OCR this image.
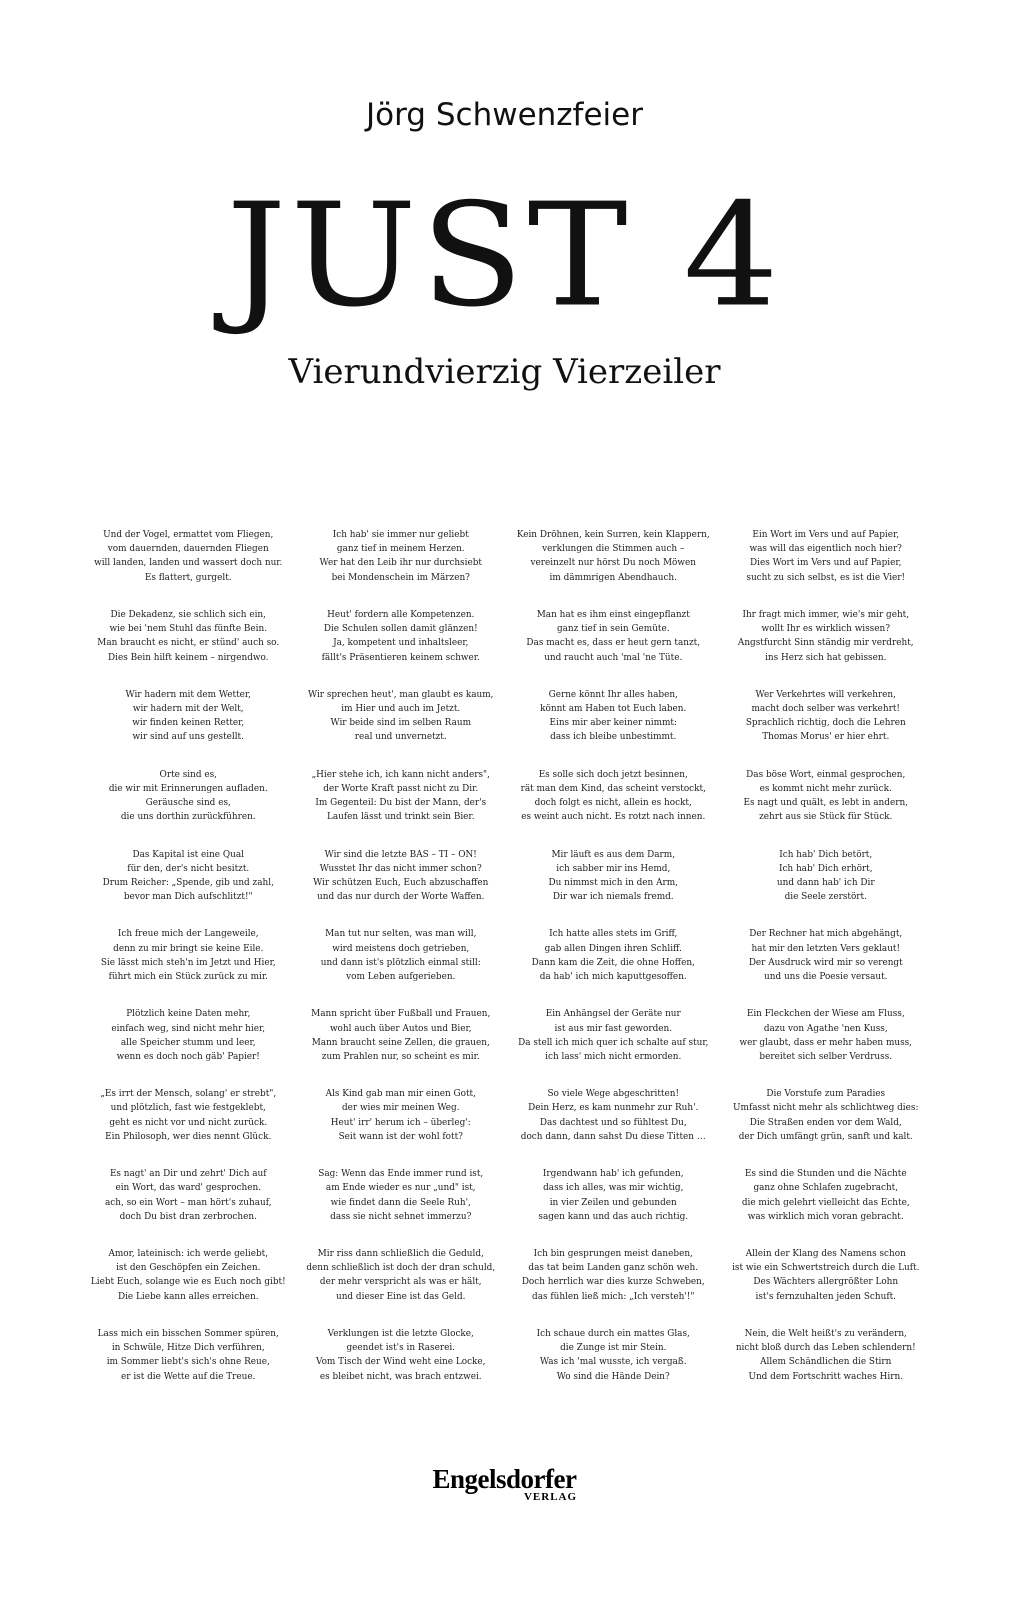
Jörg Schwenzfeier
JUST 4
Vierundvierzig Vierzeiler
Und der Vogel, ermattet vom Fliegen,
vom dauernden, dauernden Fliegen
will landen, landen und wassert doch nur.
Es flattert, gurgelt.
Ich hab' sie immer nur geliebt
ganz tief in meinem Herzen.
Wer hat den Leib ihr nur durchsiebt
bei Mondenschein im Märzen?
Kein Dröhnen, kein Surren, kein Klappern,
verklungen die Stimmen auch –
vereinzelt nur hörst Du noch Möwen
im dämmrigen Abendhauch.
Ein Wort im Vers und auf Papier,
was will das eigentlich noch hier?
Dies Wort im Vers und auf Papier,
sucht zu sich selbst, es ist die Vier!
Die Dekadenz, sie schlich sich ein,
wie bei 'nem Stuhl das fünfte Bein.
Man braucht es nicht, er stünd' auch so.
Dies Bein hilft keinem – nirgendwo.
Heut' fordern alle Kompetenzen.
Die Schulen sollen damit glänzen!
Ja, kompetent und inhaltsleer,
fällt's Präsentieren keinem schwer.
Man hat es ihm einst eingepflanzt
ganz tief in sein Gemüte.
Das macht es, dass er heut gern tanzt,
und raucht auch 'mal 'ne Tüte.
Ihr fragt mich immer, wie's mir geht,
wollt Ihr es wirklich wissen?
Angstfurcht Sinn ständig mir verdreht,
ins Herz sich hat gebissen.
Wir hadern mit dem Wetter,
wir hadern mit der Welt,
wir finden keinen Retter,
wir sind auf uns gestellt.
Wir sprechen heut', man glaubt es kaum,
im Hier und auch im Jetzt.
Wir beide sind im selben Raum
real und unvernetzt.
Gerne könnt Ihr alles haben,
könnt am Haben tot Euch laben.
Eins mir aber keiner nimmt:
dass ich bleibe unbestimmt.
Wer Verkehrtes will verkehren,
macht doch selber was verkehrt!
Sprachlich richtig, doch die Lehren
Thomas Morus' er hier ehrt.
Orte sind es,
die wir mit Erinnerungen aufladen.
Geräusche sind es,
die uns dorthin zurückführen.
„Hier stehe ich, ich kann nicht anders",
der Worte Kraft passt nicht zu Dir.
Im Gegenteil: Du bist der Mann, der's
Laufen lässt und trinkt sein Bier.
Es solle sich doch jetzt besinnen,
rät man dem Kind, das scheint verstockt,
doch folgt es nicht, allein es hockt,
es weint auch nicht. Es rotzt nach innen.
Das böse Wort, einmal gesprochen,
es kommt nicht mehr zurück.
Es nagt und quält, es lebt in andern,
zehrt aus sie Stück für Stück.
Das Kapital ist eine Qual
für den, der's nicht besitzt.
Drum Reicher: „Spende, gib und zahl,
bevor man Dich aufschlitzt!"
Wir sind die letzte BAS – TI – ON!
Wusstet Ihr das nicht immer schon?
Wir schützen Euch, Euch abzuschaffen
und das nur durch der Worte Waffen.
Mir läuft es aus dem Darm,
ich sabber mir ins Hemd,
Du nimmst mich in den Arm,
Dir war ich niemals fremd.
Ich hab' Dich betört,
Ich hab' Dich erhört,
und dann hab' ich Dir
die Seele zerstört.
Ich freue mich der Langeweile,
denn zu mir bringt sie keine Eile.
Sie lässt mich steh'n im Jetzt und Hier,
führt mich ein Stück zurück zu mir.
Man tut nur selten, was man will,
wird meistens doch getrieben,
und dann ist's plötzlich einmal still:
vom Leben aufgerieben.
Ich hatte alles stets im Griff,
gab allen Dingen ihren Schliff.
Dann kam die Zeit, die ohne Hoffen,
da hab' ich mich kaputtgesoffen.
Der Rechner hat mich abgehängt,
hat mir den letzten Vers geklaut!
Der Ausdruck wird mir so verengt
und uns die Poesie versaut.
Plötzlich keine Daten mehr,
einfach weg, sind nicht mehr hier,
alle Speicher stumm und leer,
wenn es doch noch gäb' Papier!
Mann spricht über Fußball und Frauen,
wohl auch über Autos und Bier,
Mann braucht seine Zellen, die grauen,
zum Prahlen nur, so scheint es mir.
Ein Anhängsel der Geräte nur
ist aus mir fast geworden.
Da stell ich mich quer ich schalte auf stur,
ich lass' mich nicht ermorden.
Ein Fleckchen der Wiese am Fluss,
dazu von Agathe 'nen Kuss,
wer glaubt, dass er mehr haben muss,
bereitet sich selber Verdruss.
„Es irrt der Mensch, solang' er strebt",
und plötzlich, fast wie festgeklebt,
geht es nicht vor und nicht zurück.
Ein Philosoph, wer dies nennt Glück.
Als Kind gab man mir einen Gott,
der wies mir meinen Weg.
Heut' irr' herum ich – überleg':
Seit wann ist der wohl fott?
So viele Wege abgeschritten!
Dein Herz, es kam nunmehr zur Ruh'.
Das dachtest und so fühltest Du,
doch dann, dann sahst Du diese Titten …
Die Vorstufe zum Paradies
Umfasst nicht mehr als schlichtweg dies:
Die Straßen enden vor dem Wald,
der Dich umfängt grün, sanft und kalt.
Es nagt' an Dir und zehrt' Dich auf
ein Wort, das ward' gesprochen.
ach, so ein Wort – man hört's zuhauf,
doch Du bist dran zerbrochen.
Sag: Wenn das Ende immer rund ist,
am Ende wieder es nur „und" ist,
wie findet dann die Seele Ruh',
dass sie nicht sehnet immerzu?
Irgendwann hab' ich gefunden,
dass ich alles, was mir wichtig,
in vier Zeilen und gebunden
sagen kann und das auch richtig.
Es sind die Stunden und die Nächte
ganz ohne Schlafen zugebracht,
die mich gelehrt vielleicht das Echte,
was wirklich mich voran gebracht.
Amor, lateinisch: ich werde geliebt,
ist den Geschöpfen ein Zeichen.
Liebt Euch, solange wie es Euch noch gibt!
Die Liebe kann alles erreichen.
Mir riss dann schließlich die Geduld,
denn schließlich ist doch der dran schuld,
der mehr verspricht als was er hält,
und dieser Eine ist das Geld.
Ich bin gesprungen meist daneben,
das tat beim Landen ganz schön weh.
Doch herrlich war dies kurze Schweben,
das fühlen ließ mich: „Ich versteh'!"
Allein der Klang des Namens schon
ist wie ein Schwertstreich durch die Luft.
Des Wächters allergrößter Lohn
ist's fernzuhalten jeden Schuft.
Lass mich ein bisschen Sommer spüren,
in Schwüle, Hitze Dich verführen,
im Sommer liebt's sich's ohne Reue,
er ist die Wette auf die Treue.
Verklungen ist die letzte Glocke,
geendet ist's in Raserei.
Vom Tisch der Wind weht eine Locke,
es bleibet nicht, was brach entzwei.
Ich schaue durch ein mattes Glas,
die Zunge ist mir Stein.
Was ich 'mal wusste, ich vergaß.
Wo sind die Hände Dein?
Nein, die Welt heißt's zu verändern,
nicht bloß durch das Leben schlendern!
Allem Schändlichen die Stirn
Und dem Fortschritt waches Hirn.
Engelsdorfer
VERLAG
